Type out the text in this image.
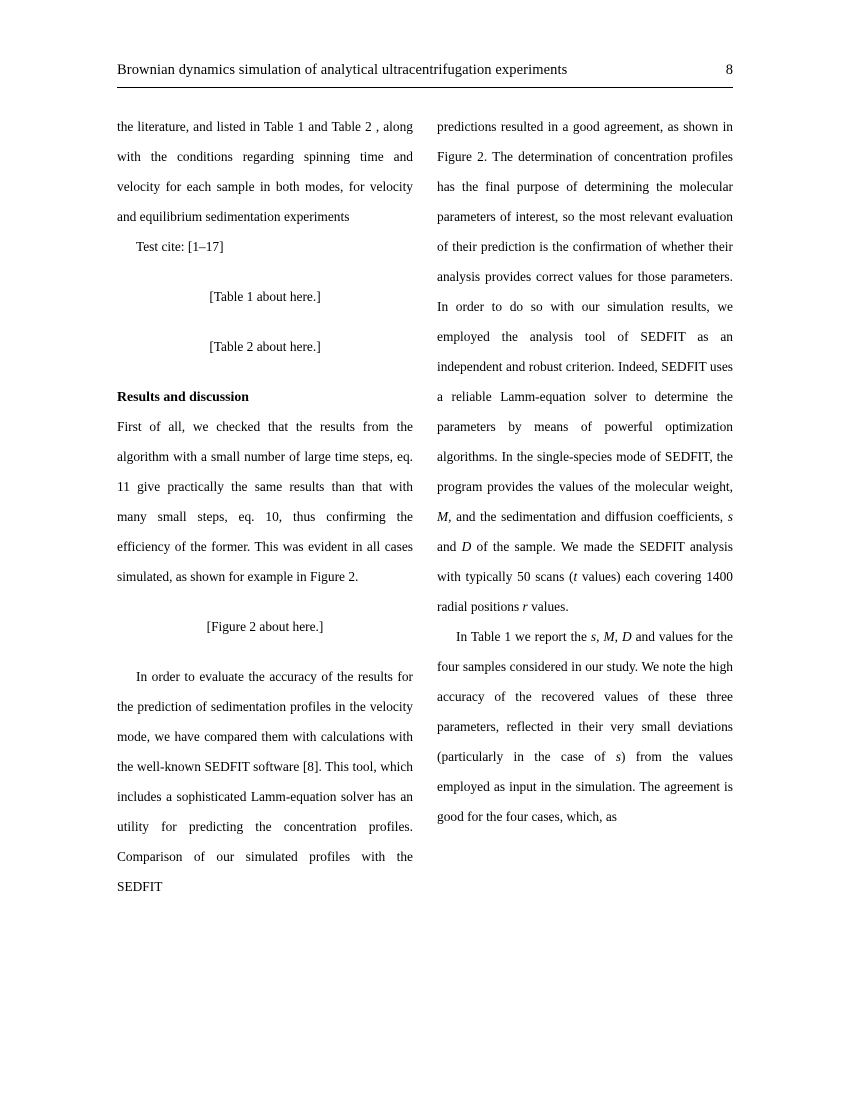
Brownian dynamics simulation of analytical ultracentrifugation experiments	8

the literature, and listed in Table 1 and Table 2 , along with the conditions regarding spinning time and velocity for each sample in both modes, for velocity and equilibrium sedimentation experiments

Test cite: [1–17]

[Table 1 about here.]

[Table 2 about here.]

Results and discussion

First of all, we checked that the results from the algorithm with a small number of large time steps, eq. 11 give practically the same results than that with many small steps, eq. 10, thus confirming the efficiency of the former. This was evident in all cases simulated, as shown for example in Figure 2.

[Figure 2 about here.]

In order to evaluate the accuracy of the results for the prediction of sedimentation profiles in the velocity mode, we have compared them with calculations with the well-known SEDFIT software [8]. This tool, which includes a sophisticated Lamm-equation solver has an utility for predicting the concentration profiles. Comparison of our simulated profiles with the SEDFIT

predictions resulted in a good agreement, as shown in Figure 2. The determination of concentration profiles has the final purpose of determining the molecular parameters of interest, so the most relevant evaluation of their prediction is the confirmation of whether their analysis provides correct values for those parameters. In order to do so with our simulation results, we employed the analysis tool of SEDFIT as an independent and robust criterion. Indeed, SEDFIT uses a reliable Lamm-equation solver to determine the parameters by means of powerful optimization algorithms. In the single-species mode of SEDFIT, the program provides the values of the molecular weight, M, and the sedimentation and diffusion coefficients, s and D of the sample. We made the SEDFIT analysis with typically 50 scans (t values) each covering 1400 radial positions r values.

In Table 1 we report the s, M, D and values for the four samples considered in our study. We note the high accuracy of the recovered values of these three parameters, reflected in their very small deviations (particularly in the case of s) from the values employed as input in the simulation. The agreement is good for the four cases, which, as
